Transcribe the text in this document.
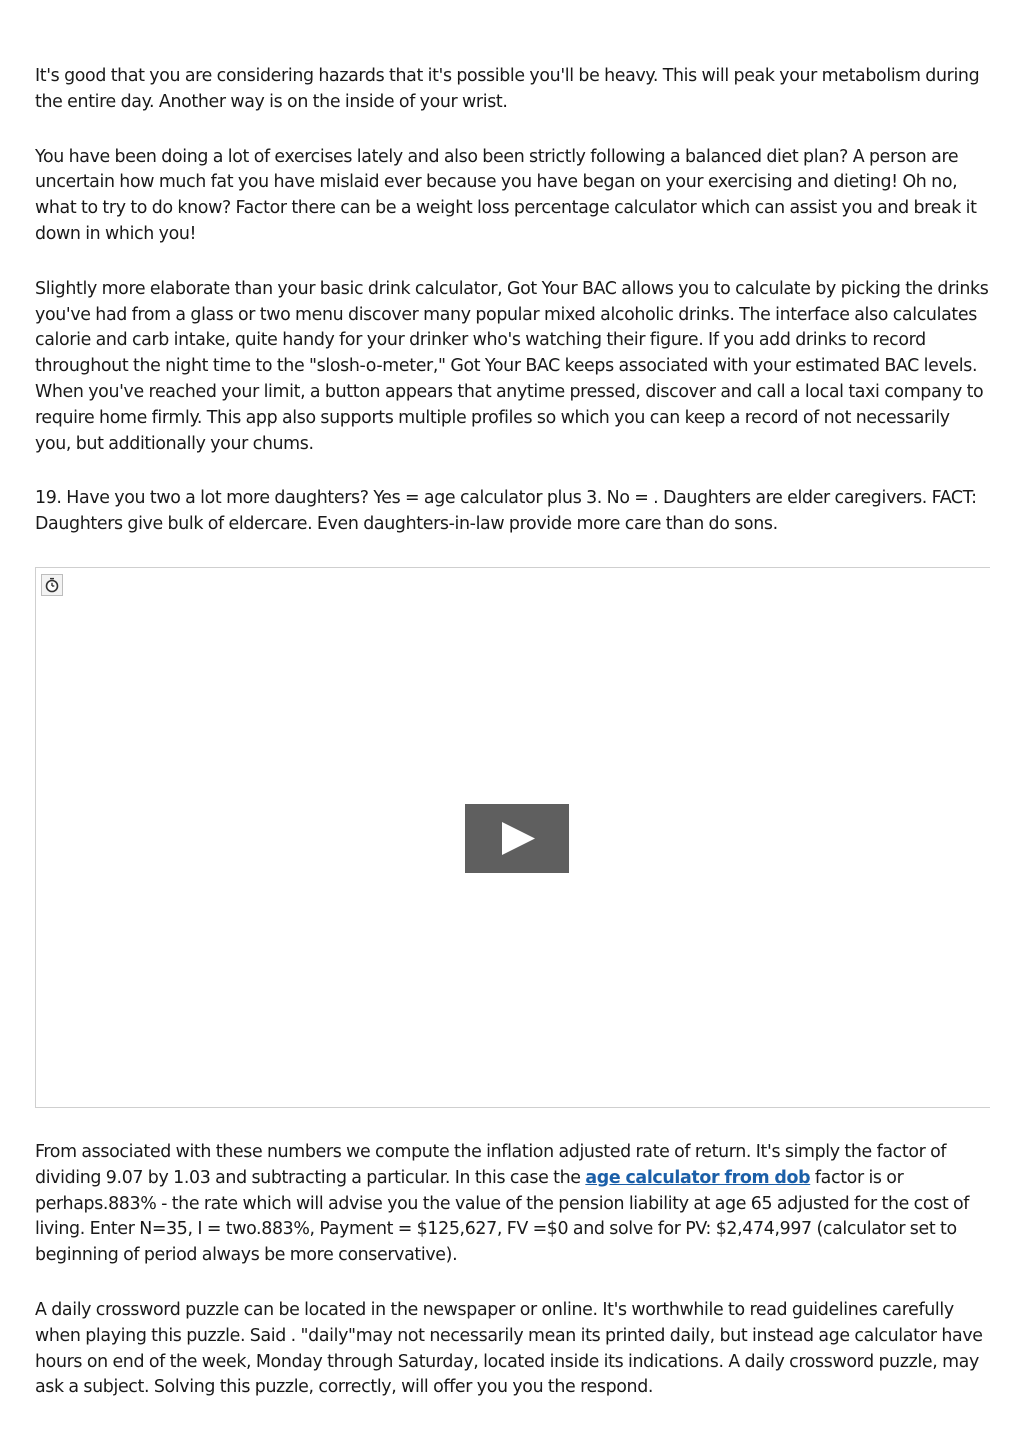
It's good that you are considering hazards that it's possible you'll be heavy. This will peak your metabolism during the entire day. Another way is on the inside of your wrist.

You have been doing a lot of exercises lately and also been strictly following a balanced diet plan? A person are uncertain how much fat you have mislaid ever because you have began on your exercising and dieting! Oh no, what to try to do know? Factor there can be a weight loss percentage calculator which can assist you and break it down in which you!

Slightly more elaborate than your basic drink calculator, Got Your BAC allows you to calculate by picking the drinks you've had from a glass or two menu discover many popular mixed alcoholic drinks. The interface also calculates calorie and carb intake, quite handy for your drinker who's watching their figure. If you add drinks to record throughout the night time to the "slosh-o-meter," Got Your BAC keeps associated with your estimated BAC levels. When you've reached your limit, a button appears that anytime pressed, discover and call a local taxi company to require home firmly. This app also supports multiple profiles so which you can keep a record of not necessarily you, but additionally your chums.

19. Have you two a lot more daughters? Yes = age calculator plus 3. No = . Daughters are elder caregivers. FACT: Daughters give bulk of eldercare. Even daughters-in-law provide more care than do sons.

From associated with these numbers we compute the inflation adjusted rate of return. It's simply the factor of dividing 9.07 by 1.03 and subtracting a particular. In this case the age calculator from dob factor is or perhaps.883% - the rate which will advise you the value of the pension liability at age 65 adjusted for the cost of living. Enter N=35, I = two.883%, Payment = $125,627, FV =$0 and solve for PV: $2,474,997 (calculator set to beginning of period always be more conservative).

A daily crossword puzzle can be located in the newspaper or online. It's worthwhile to read guidelines carefully when playing this puzzle. Said . "daily"may not necessarily mean its printed daily, but instead age calculator have hours on end of the week, Monday through Saturday, located inside its indications. A daily crossword puzzle, may ask a subject. Solving this puzzle, correctly, will offer you you the respond.
